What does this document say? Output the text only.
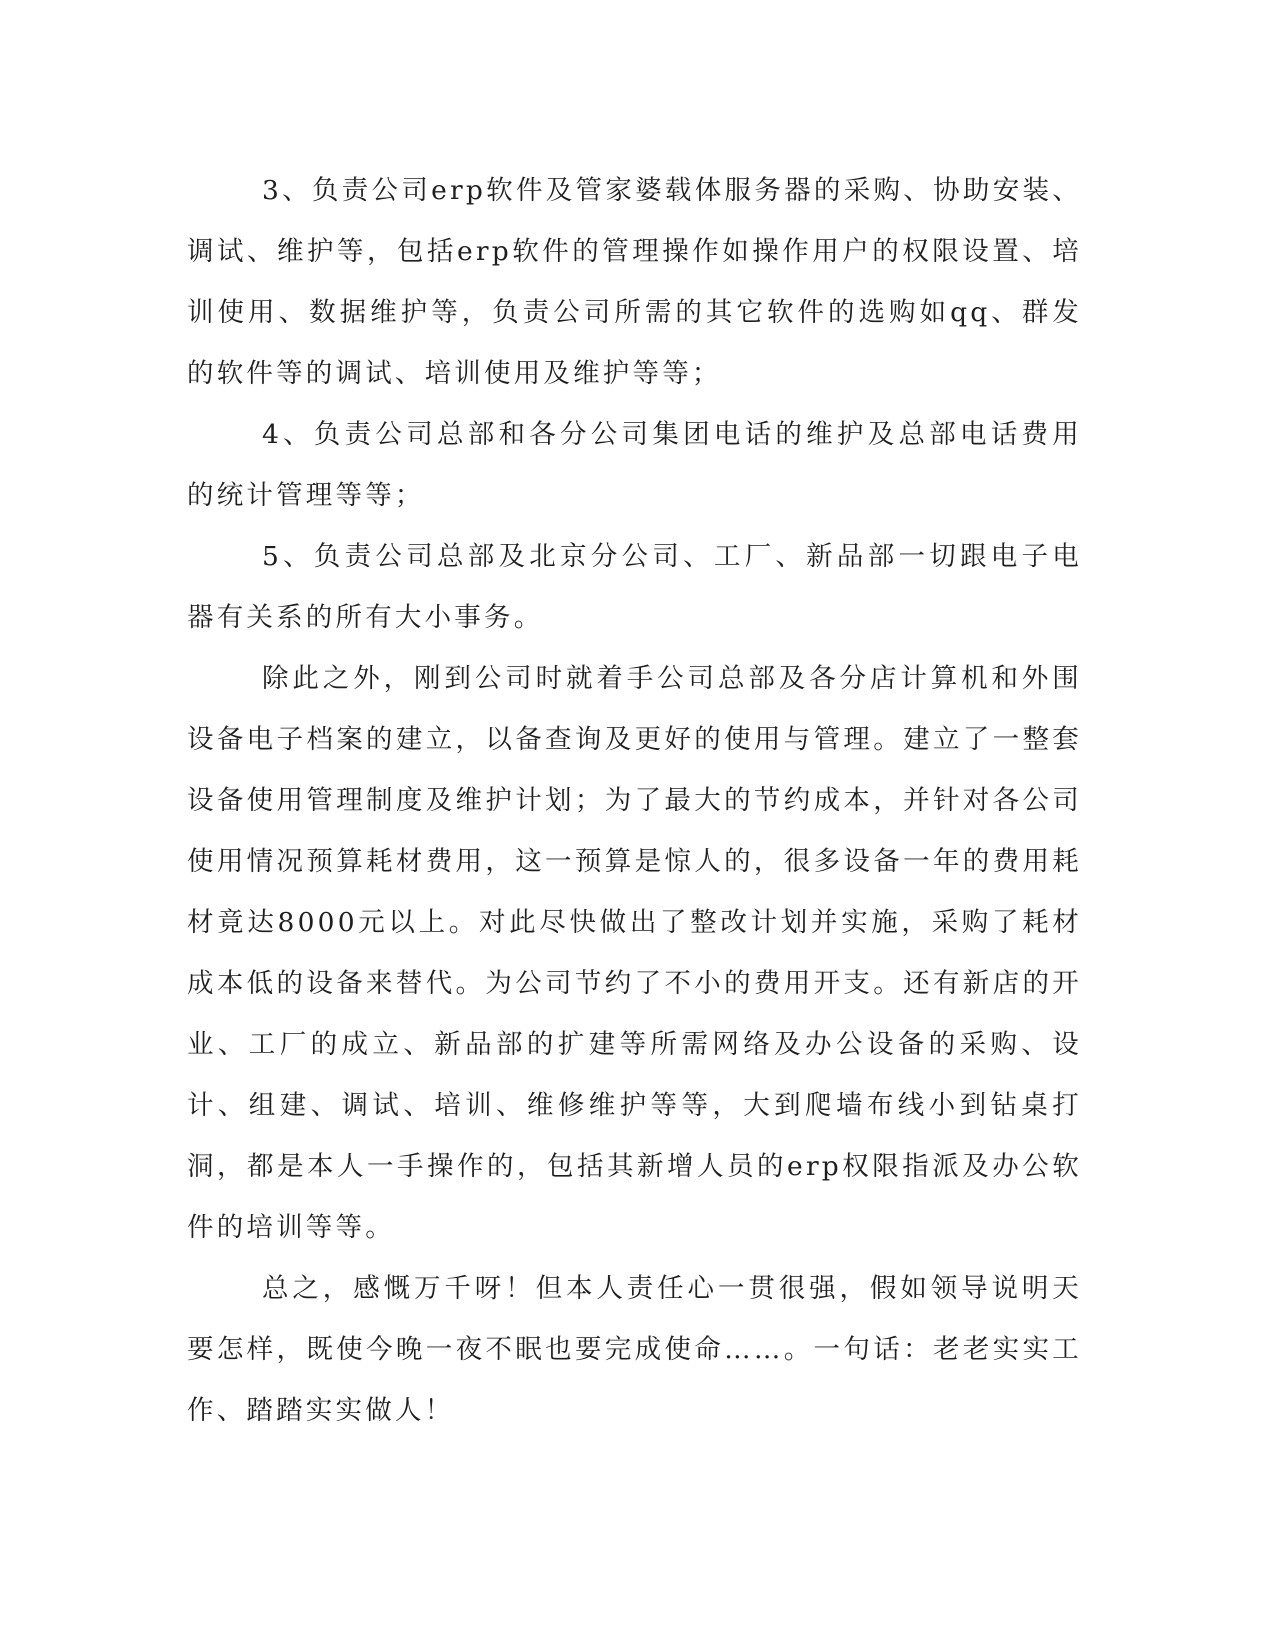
3、负责公司erp软件及管家婆载体服务器的采购、协助安装、调试、维护等，包括erp软件的管理操作如操作用户的权限设置、培训使用、数据维护等，负责公司所需的其它软件的选购如qq、群发的软件等的调试、培训使用及维护等等；

4、负责公司总部和各分公司集团电话的维护及总部电话费用的统计管理等等；

5、负责公司总部及北京分公司、工厂、新品部一切跟电子电器有关系的所有大小事务。

除此之外，刚到公司时就着手公司总部及各分店计算机和外围设备电子档案的建立，以备查询及更好的使用与管理。建立了一整套设备使用管理制度及维护计划；为了最大的节约成本，并针对各公司使用情况预算耗材费用，这一预算是惊人的，很多设备一年的费用耗材竟达8000元以上。对此尽快做出了整改计划并实施，采购了耗材成本低的设备来替代。为公司节约了不小的费用开支。还有新店的开业、工厂的成立、新品部的扩建等所需网络及办公设备的采购、设计、组建、调试、培训、维修维护等等，大到爬墙布线小到钻桌打洞，都是本人一手操作的，包括其新增人员的erp权限指派及办公软件的培训等等。

总之，感慨万千呀！但本人责任心一贯很强，假如领导说明天要怎样，既使今晚一夜不眠也要完成使命……。一句话：老老实实工作、踏踏实实做人！
